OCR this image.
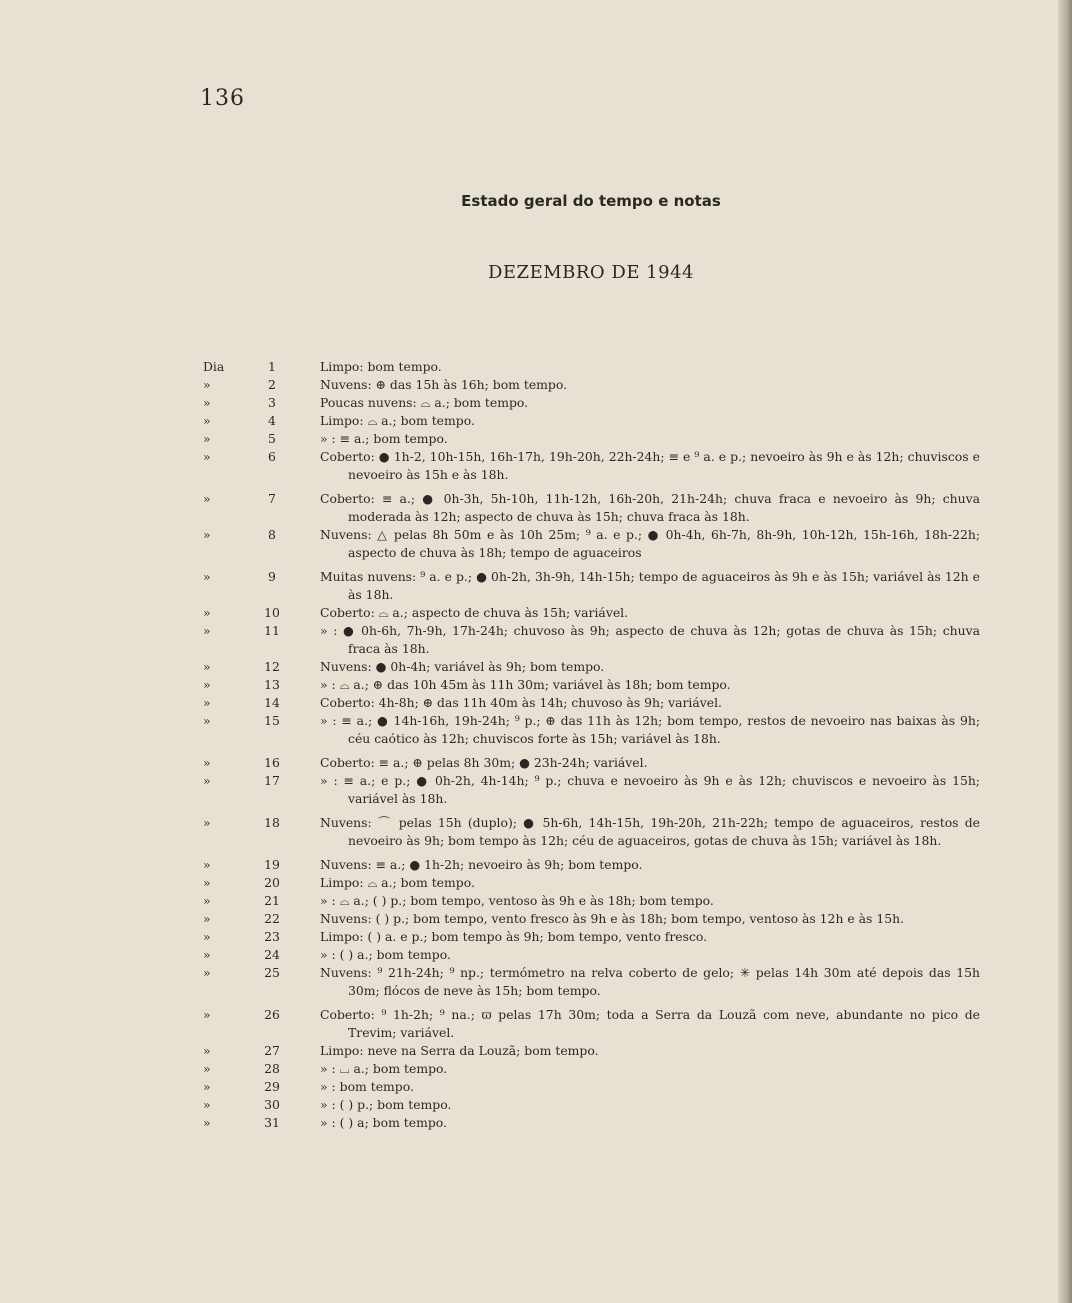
136
Estado geral do tempo e notas
DEZEMBRO DE 1944
Dia	1	Limpo: bom tempo.
»	2	Nuvens: ⊕ das 15h às 16h; bom tempo.
»	3	Poucas nuvens: ⌓ a.; bom tempo.
»	4	Limpo: ⌓ a.; bom tempo.
»	5	» : ≡ a.; bom tempo.
»	6	Coberto: ● 1h-2, 10h-15h, 16h-17h, 19h-20h, 22h-24h; ≡ e ⁹ a. e p.; nevoeiro às 9h e às 12h; chuviscos e nevoeiro às 15h e às 18h.
»	7	Coberto: ≡ a.; ● 0h-3h, 5h-10h, 11h-12h, 16h-20h, 21h-24h; chuva fraca e nevoeiro às 9h; chuva moderada às 12h; aspecto de chuva às 15h; chuva fraca às 18h.
»	8	Nuvens: △ pelas 8h 50m e às 10h 25m; ⁹ a. e p.; ● 0h-4h, 6h-7h, 8h-9h, 10h-12h, 15h-16h, 18h-22h; aspecto de chuva às 18h; tempo de aguaceiros
»	9	Muitas nuvens: ⁹ a. e p.; ● 0h-2h, 3h-9h, 14h-15h; tempo de aguaceiros às 9h e às 15h; variável às 12h e às 18h.
»	10	Coberto: ⌓ a.; aspecto de chuva às 15h; variável.
»	11	» : ● 0h-6h, 7h-9h, 17h-24h; chuvoso às 9h; aspecto de chuva às 12h; gotas de chuva às 15h; chuva fraca às 18h.
»	12	Nuvens: ● 0h-4h; variável às 9h; bom tempo.
»	13	» : ⌓ a.; ⊕ das 10h 45m às 11h 30m; variável às 18h; bom tempo.
»	14	Coberto: 4h-8h; ⊕ das 11h 40m às 14h; chuvoso às 9h; variável.
»	15	» : ≡ a.; ● 14h-16h, 19h-24h; ⁹ p.; ⊕ das 11h às 12h; bom tempo, restos de nevoeiro nas baixas às 9h; céu caótico às 12h; chuviscos forte às 15h; variável às 18h.
»	16	Coberto: ≡ a.; ⊕ pelas 8h 30m; ● 23h-24h; variável.
»	17	» : ≡ a.; e p.; ● 0h-2h, 4h-14h; ⁹ p.; chuva e nevoeiro às 9h e às 12h; chuviscos e nevoeiro às 15h; variável às 18h.
»	18	Nuvens: ⌒ pelas 15h (duplo); ● 5h-6h, 14h-15h, 19h-20h, 21h-22h; tempo de aguaceiros, restos de nevoeiro às 9h; bom tempo às 12h; céu de aguaceiros, gotas de chuva às 15h; variável às 18h.
»	19	Nuvens: ≡ a.; ● 1h-2h; nevoeiro às 9h; bom tempo.
»	20	Limpo: ⌓ a.; bom tempo.
»	21	» : ⌓ a.; ( ) p.; bom tempo, ventoso às 9h e às 18h; bom tempo.
»	22	Nuvens: ( ) p.; bom tempo, vento fresco às 9h e às 18h; bom tempo, ventoso às 12h e às 15h.
»	23	Limpo: ( ) a. e p.; bom tempo às 9h; bom tempo, vento fresco.
»	24	» : ( ) a.; bom tempo.
»	25	Nuvens: ⁹ 21h-24h; ⁹ np.; termómetro na relva coberto de gelo; ✳ pelas 14h 30m até depois das 15h 30m; flócos de neve às 15h; bom tempo.
»	26	Coberto: ⁹ 1h-2h; ⁹ na.; ϖ pelas 17h 30m; toda a Serra da Louzã com neve, abundante no pico de Trevim; variável.
»	27	Limpo: neve na Serra da Louzã; bom tempo.
»	28	» : ⌴ a.; bom tempo.
»	29	» : bom tempo.
»	30	» : ( ) p.; bom tempo.
»	31	» : ( ) a; bom tempo.
